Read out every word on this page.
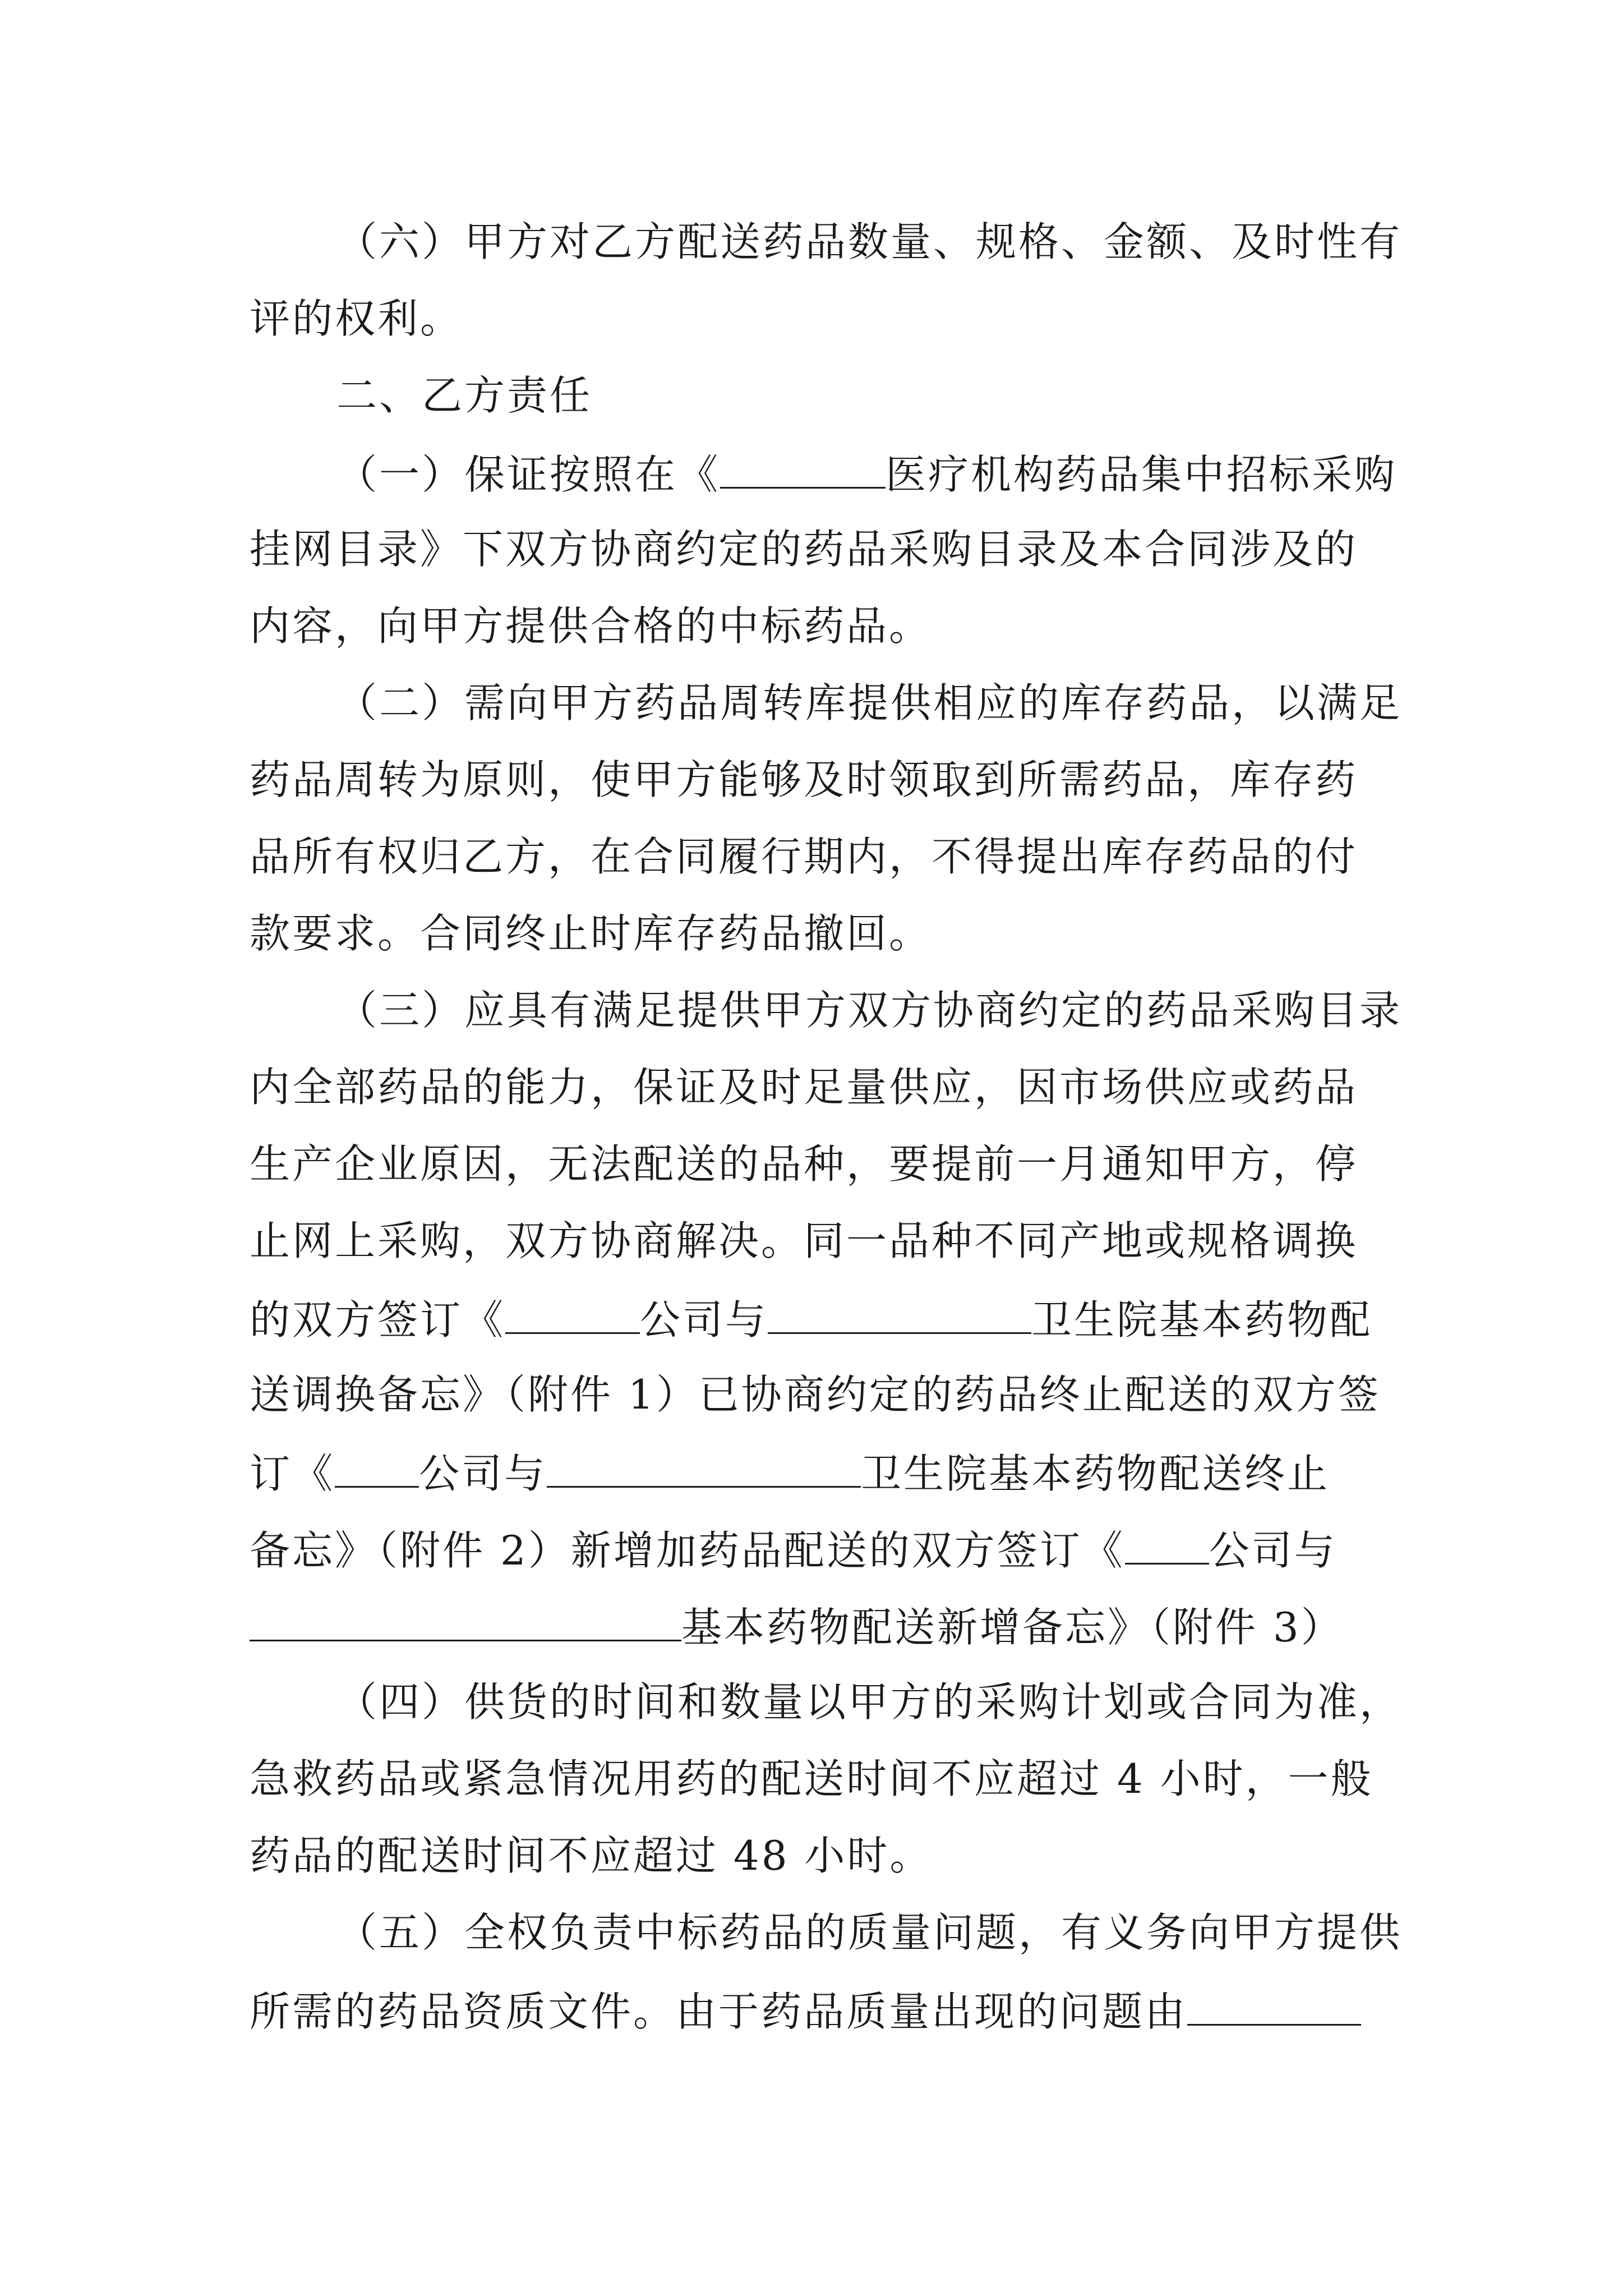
（六）甲方对乙方配送药品数量、规格、金额、及时性有
评的权利。
二、乙方责任
（一）保证按照在《	医疗机构药品集中招标采购
挂网目录》下双方协商约定的药品采购目录及本合同涉及的
内容，向甲方提供合格的中标药品。
（二）需向甲方药品周转库提供相应的库存药品，以满足
药品周转为原则，使甲方能够及时领取到所需药品，库存药
品所有权归乙方，在合同履行期内，不得提出库存药品的付
款要求。合同终止时库存药品撤回。
（三）应具有满足提供甲方双方协商约定的药品采购目录
内全部药品的能力，保证及时足量供应，因市场供应或药品
生产企业原因，无法配送的品种，要提前一月通知甲方，停
止网上采购，双方协商解决。同一品种不同产地或规格调换
的双方签订《	公司与	卫生院基本药物配
送调换备忘》（附件 1）已协商约定的药品终止配送的双方签
订《 公司与	卫生院基本药物配送终止
备忘》（附件 2）新增加药品配送的双方签订《 公司与
基本药物配送新增备忘》（附件 3）
（四）供货的时间和数量以甲方的采购计划或合同为准，
急救药品或紧急情况用药的配送时间不应超过 4 小时，一般
药品的配送时间不应超过 48 小时。
（五）全权负责中标药品的质量问题，有义务向甲方提供
所需的药品资质文件。由于药品质量出现的问题由
